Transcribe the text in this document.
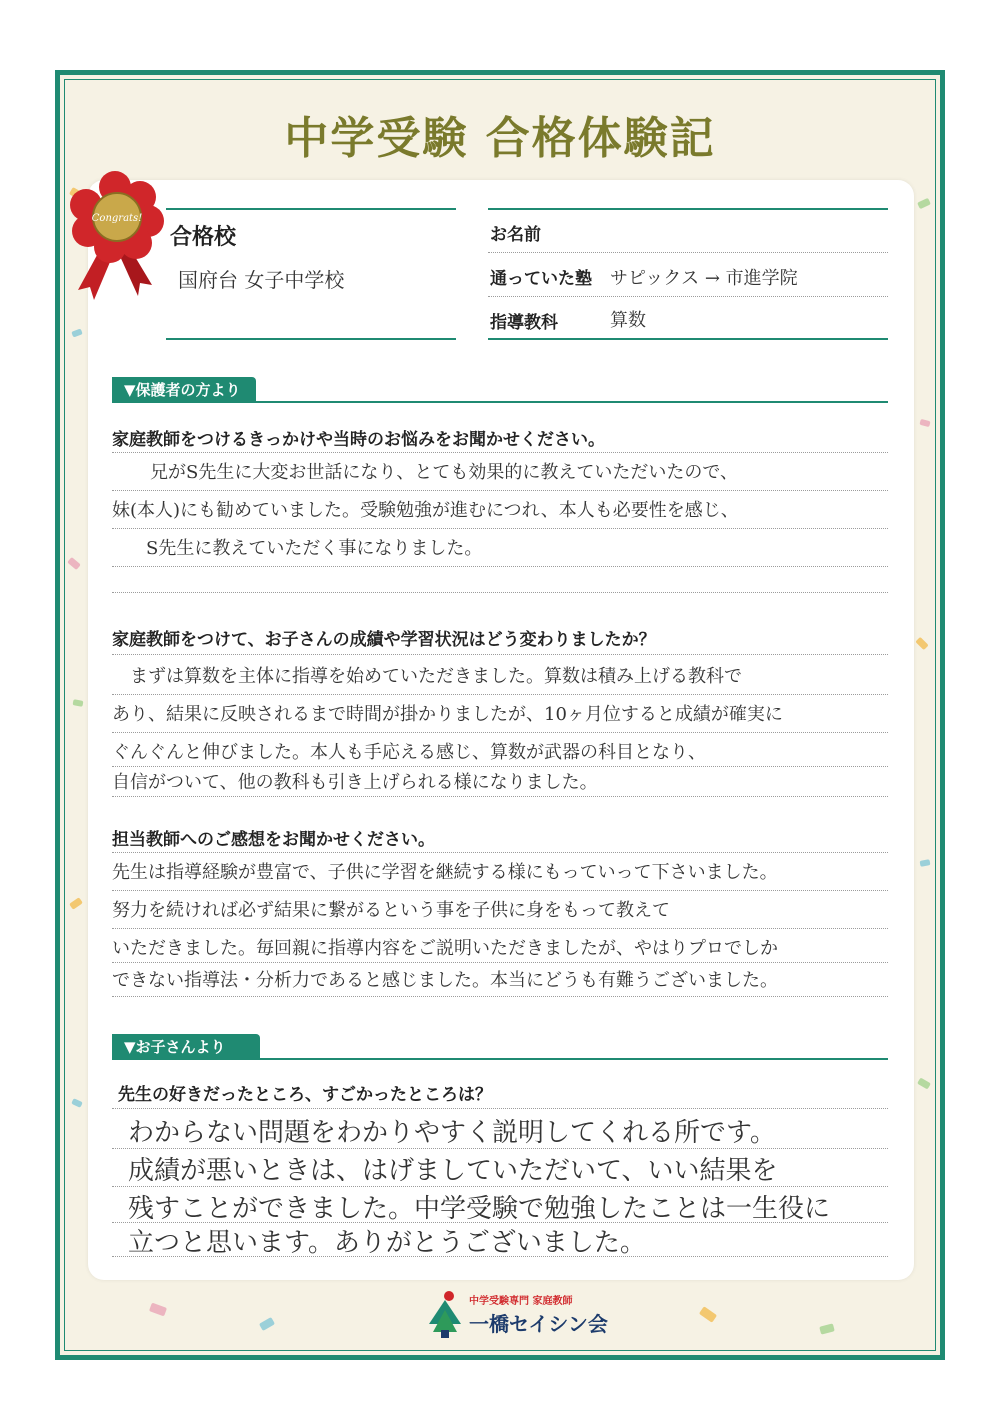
中学受験 合格体験記
Congrats!
合格校
国府台 女子中学校
お名前
通っていた塾 サピックス → 市進学院
指導教科	算数
▼保護者の方より
家庭教師をつけるきっかけや当時のお悩みをお聞かせください。
兄がS先生に大変お世話になり、とても効果的に教えていただいたので、
妹(本人)にも勧めていました。受験勉強が進むにつれ、本人も必要性を感じ、
S先生に教えていただく事になりました。
家庭教師をつけて、お子さんの成績や学習状況はどう変わりましたか？
まずは算数を主体に指導を始めていただきました。算数は積み上げる教科で
あり、結果に反映されるまで時間が掛かりましたが、10ヶ月位すると成績が確実に
ぐんぐんと伸びました。本人も手応える感じ、算数が武器の科目となり、
自信がついて、他の教科も引き上げられる様になりました。
担当教師へのご感想をお聞かせください。
先生は指導経験が豊富で、子供に学習を継続する様にもっていって下さいました。
努力を続ければ必ず結果に繋がるという事を子供に身をもって教えて
いただきました。毎回親に指導内容をご説明いただきましたが、やはりプロでしか
できない指導法・分析力であると感じました。本当にどうも有難うございました。
▼お子さんより
先生の好きだったところ、すごかったところは？
わからない問題をわかりやすく説明してくれる所です。
成績が悪いときは、はげましていただいて、いい結果を
残すことができました。中学受験で勉強したことは一生役に
立つと思います。ありがとうございました。
中学受験専門 家庭教師
一橋セイシン会
